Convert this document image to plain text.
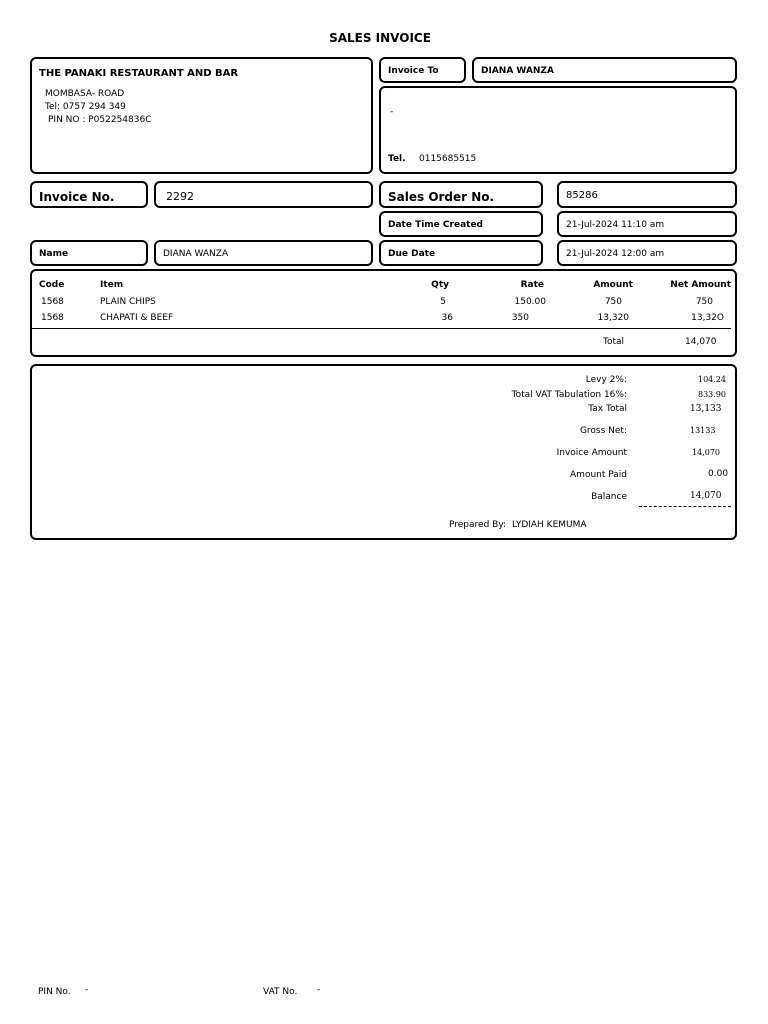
SALES INVOICE
THE PANAKI RESTAURANT AND BAR
MOMBASA- ROAD
Tel: 0757 294 349
PIN NO : P052254836C
Invoice To	DIANA WANZA
-
Tel. 0115685515
Invoice No.	2292	Sales Order No.	85286
Date Time Created	21-Jul-2024 11:10 am
Name	DIANA WANZA	Due Date	21-Jul-2024 12:00 am
Code	Item	Qty	Rate	Amount	Net Amount
1568	PLAIN CHIPS	5	150.00	750	750
1568	CHAPATI & BEEF	36	350	13,320	13,32O
Total	14,070
Levy 2%:	104.24
Total VAT Tabulation 16%:	833.90
Tax Total	13,133
Gross Net:	13133
Invoice Amount	14,070
Amount Paid	0.00
Balance	14,070
Prepared By: LYDIAH KEMUMA
PIN No. -	VAT No. -
